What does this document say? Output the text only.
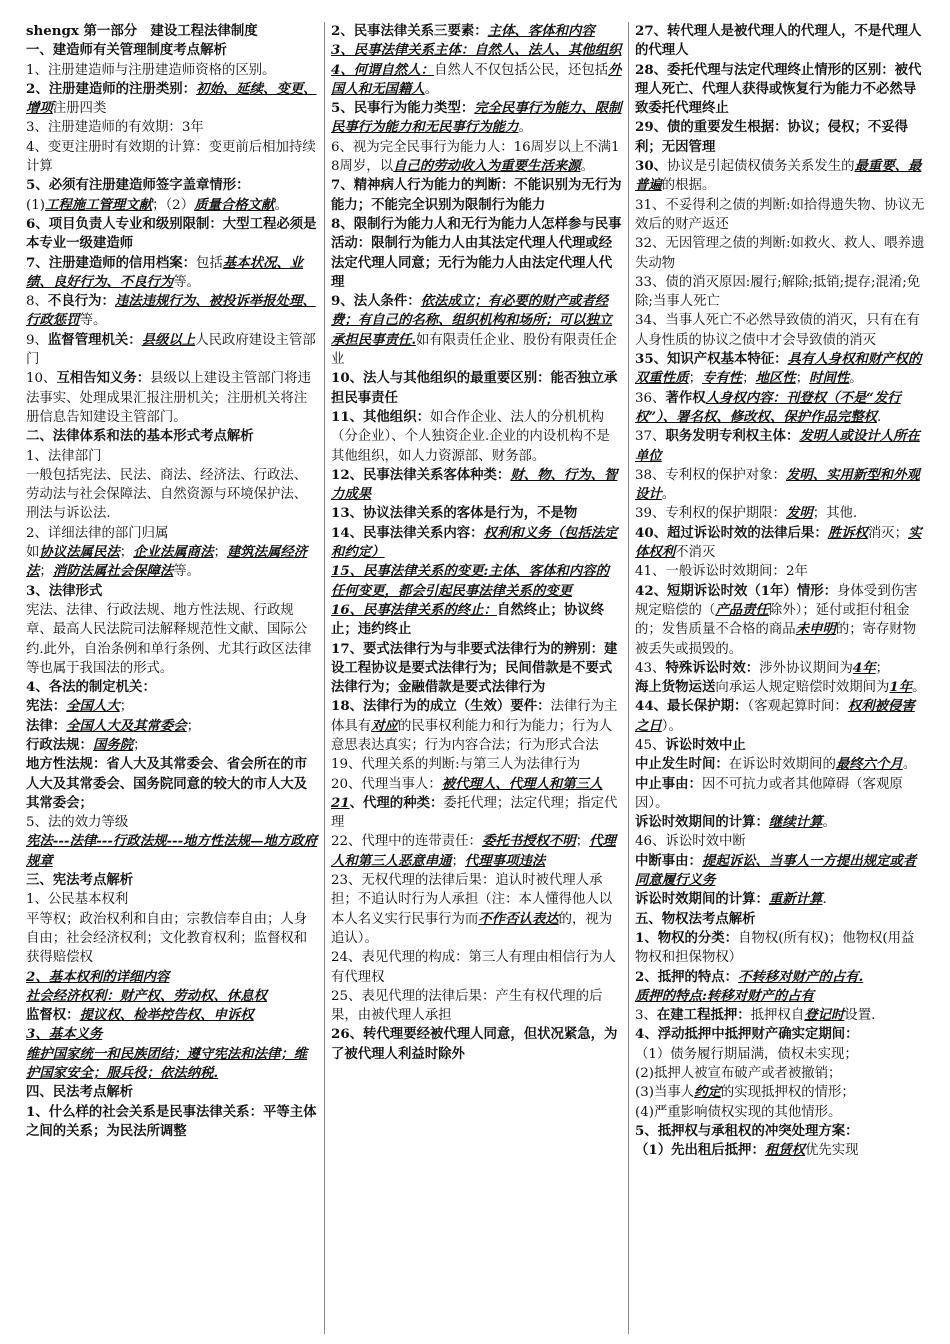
shengx 第一部分　建设工程法律制度
一、建造师有关管理制度考点解析
1、注册建造师与注册建造师资格的区别。
2、注册建造师的注册类别：初始、延续、变更、增项注册四类
3、注册建造师的有效期：3年
4、变更注册时有效期的计算：变更前后相加持续计算
5、必须有注册建造师签字盖章情形：
(1)工程施工管理文献；（2）质量合格文献。
6、项目负责人专业和级别限制：大型工程必须是本专业一级建造师
7、注册建造师的信用档案：包括基本状况、业绩、良好行为、不良行为等。
8、不良行为：违法违规行为、被投诉举报处理、行政惩罚等。
9、监督管理机关：县级以上人民政府建设主管部门
10、互相告知义务：县级以上建设主管部门将违法事实、处理成果汇报注册机关；注册机关将注册信息告知建设主管部门。
二、法律体系和法的基本形式考点解析
1、法律部门
一般包括宪法、民法、商法、经济法、行政法、劳动法与社会保障法、自然资源与环境保护法、刑法与诉讼法.
2、详细法律的部门归属
如协议法属民法；企业法属商法；建筑法属经济法；消防法属社会保障法等。
3、法律形式
宪法、法律、行政法规、地方性法规、行政规章、最高人民法院司法解释规范性文献、国际公约.此外，自治条例和单行条例、尤其行政区法律等也属于我国法的形式。
4、各法的制定机关：
宪法：全国人大；
法律：全国人大及其常委会；
行政法规：国务院；
地方性法规：省人大及其常委会、省会所在的市人大及其常委会、国务院同意的较大的市人大及其常委会；
5、法的效力等级
宪法---法律---行政法规---地方性法规—地方政府规章
三、宪法考点解析
1、公民基本权利
平等权；政治权利和自由；宗教信奉自由；人身自由；社会经济权利；文化教育权利；监督权和获得赔偿权
2、基本权利的详细内容
社会经济权利：财产权、劳动权、休息权
监督权：提议权、检举控告权、申诉权
3、基本义务
维护国家统一和民族团结；遵守宪法和法律；维护国家安全；服兵役；依法纳税.
四、民法考点解析
1、什么样的社会关系是民事法律关系：平等主体之间的关系；为民法所调整
2、民事法律关系三要素：主体、客体和内容
3、民事法律关系主体：自然人、法人、其他组织
4、何谓自然人：自然人不仅包括公民，还包括外国人和无国籍人。
5、民事行为能力类型：完全民事行为能力、限制民事行为能力和无民事行为能力。
6、视为完全民事行为能力人：16周岁以上不满18周岁，以自己的劳动收入为重要生活来源。
7、精神病人行为能力的判断：不能识别为无行为能力；不能完全识别为限制行为能力
8、限制行为能力人和无行为能力人怎样参与民事活动：限制行为能力人由其法定代理人代理或经法定代理人同意；无行为能力人由法定代理人代理
9、法人条件：依法成立；有必要的财产或者经费；有自己的名称、组织机构和场所；可以独立承担民事责任.如有限责任企业、股份有限责任企业
10、法人与其他组织的最重要区别：能否独立承担民事责任
11、其他组织：如合作企业、法人的分机机构（分企业）、个人独资企业.企业的内设机构不是其他组织，如人力资源部、财务部。
12、民事法律关系客体种类：财、物、行为、智力成果
13、协议法律关系的客体是行为，不是物
14、民事法律关系内容：权利和义务（包括法定和约定）
15、民事法律关系的变更:主体、客体和内容的任何变更，都会引起民事法律关系的变更
16、民事法律关系的终止：自然终止；协议终止；违约终止
17、要式法律行为与非要式法律行为的辨别：建设工程协议是要式法律行为；民间借款是不要式法律行为；金融借款是要式法律行为
18、法律行为的成立（生效）要件：法律行为主体具有对应的民事权利能力和行为能力；行为人意思表达真实；行为内容合法；行为形式合法
19、代理关系的判断:与第三人为法律行为
20、代理当事人：被代理人、代理人和第三人
21、代理的种类：委托代理；法定代理；指定代理
22、代理中的连带责任：委托书授权不明；代理人和第三人恶意串通；代理事项违法
23、无权代理的法律后果：追认时被代理人承担；不追认时行为人承担（注：本人懂得他人以本人名义实行民事行为而不作否认表达的，视为追认）。
24、表见代理的构成：第三人有理由相信行为人有代理权
25、表见代理的法律后果：产生有权代理的后果，由被代理人承担
26、转代理要经被代理人同意，但状况紧急，为了被代理人利益时除外
27、转代理人是被代理人的代理人，不是代理人的代理人
28、委托代理与法定代理终止情形的区别：被代理人死亡、代理人获得或恢复行为能力不必然导致委托代理终止
29、债的重要发生根据：协议；侵权；不妥得利；无因管理
30、协议是引起债权债务关系发生的最重要、最普遍的根据。
31、不妥得利之债的判断:如拾得遗失物、协议无效后的财产返还
32、无因管理之债的判断:如救火、救人、喂养遗失动物
33、债的消灭原因:履行;解除;抵销;提存;混淆;免除;当事人死亡
34、当事人死亡不必然导致债的消灭，只有在有人身性质的协议之债中才会导致债的消灭
35、知识产权基本特征：具有人身权和财产权的双重性质；专有性；地区性；时间性。
36、著作权人身权内容：刊登权（不是“发行权”）、署名权、修改权、保护作品完整权.
37、职务发明专利权主体：发明人或设计人所在单位
38、专利权的保护对象：发明、实用新型和外观设计。
39、专利权的保护期限：发明；其他.
40、超过诉讼时效的法律后果：胜诉权消灭；实体权利不消灭
41、一般诉讼时效期间：2年
42、短期诉讼时效（1年）情形：身体受到伤害规定赔偿的（产品责任除外）；延付或拒付租金的；发售质量不合格的商品未申明的；寄存财物被丢失或损毁的。
43、特殊诉讼时效：涉外协议期间为4年；
海上货物运送向承运人规定赔偿时效期间为1年。
44、最长保护期：（客观起算时间：权利被侵害之日）。
45、诉讼时效中止
中止发生时间：在诉讼时效期间的最终六个月。
中止事由：因不可抗力或者其他障碍（客观原因）。
诉讼时效期间的计算：继续计算。
46、诉讼时效中断
中断事由：提起诉讼、当事人一方提出规定或者同意履行义务
诉讼时效期间的计算：重新计算.
五、物权法考点解析
1、物权的分类：自物权(所有权)；他物权(用益物权和担保物权）
2、抵押的特点：不转移对财产的占有.
质押的特点:转移对财产的占有
3、在建工程抵押：抵押权自登记时设置.
4、浮动抵押中抵押财产确实定期间：
（1）债务履行期届满，债权未实现；
(2)抵押人被宣布破产或者被撤销；
(3)当事人约定的实现抵押权的情形；
(4)严重影响债权实现的其他情形。
5、抵押权与承租权的冲突处理方案：
（1）先出租后抵押：租赁权优先实现
